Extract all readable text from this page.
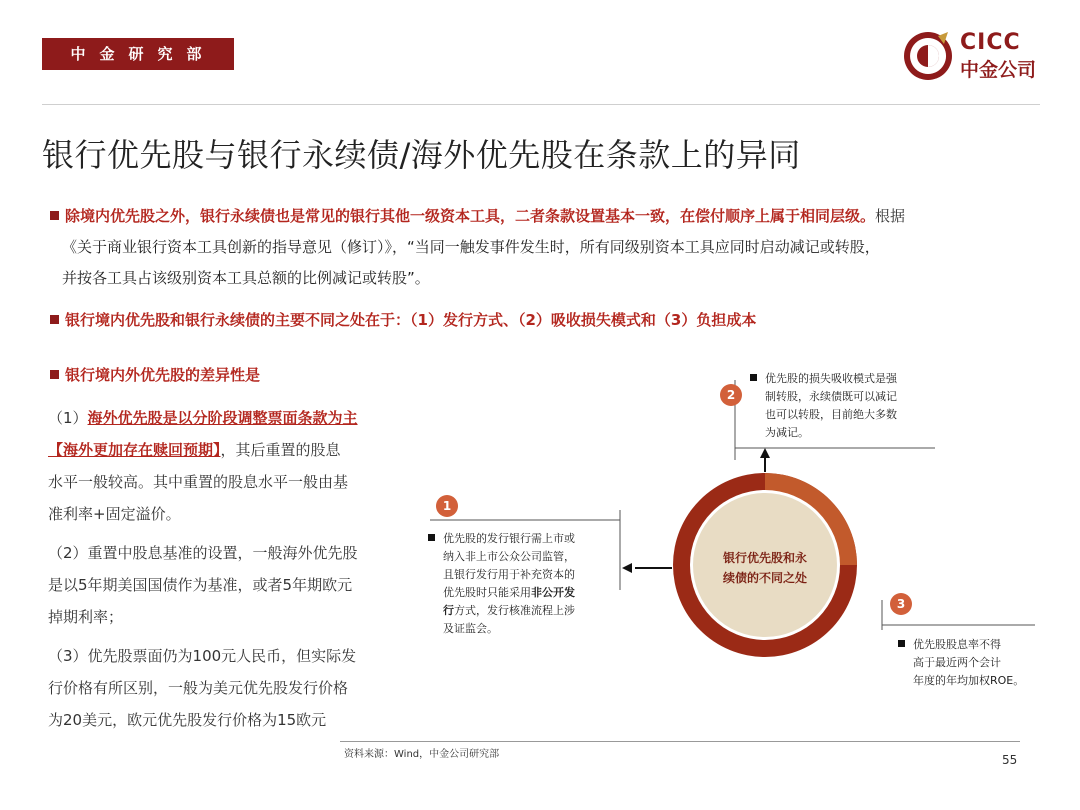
中金研究部	CICC
中金公司
银行优先股与银行永续债/海外优先股在条款上的异同
除境内优先股之外，银行永续债也是常见的银行其他一级资本工具，二者条款设置基本一致，在偿付顺序上属于相同层级。根据
《关于商业银行资本工具创新的指导意见（修订）》，“当同一触发事件发生时，所有同级别资本工具应同时启动减记或转股，
并按各工具占该级别资本工具总额的比例减记或转股”。
银行境内优先股和银行永续债的主要不同之处在于：（1）发行方式、（2）吸收损失模式和（3）负担成本
银行境内外优先股的差异性是
（1）海外优先股是以分阶段调整票面条款为主
【海外更加存在赎回预期】，其后重置的股息
水平一般较高。其中重置的股息水平一般由基
准利率+固定溢价。
（2）重置中股息基准的设置，一般海外优先股
是以5年期美国国债作为基准，或者5年期欧元
掉期利率；
（3）优先股票面仍为100元人民币，但实际发
行价格有所区别，一般为美元优先股发行价格
为20美元，欧元优先股发行价格为15欧元
1
2
3
银行优先股和永
续债的不同之处
优先股的发行银行需上市或
纳入非上市公众公司监管，
且银行发行用于补充资本的
优先股时只能采用非公开发
行方式，发行核准流程上涉
及证监会。
优先股的损失吸收模式是强
制转股，永续债既可以减记
也可以转股，目前绝大多数
为减记。
优先股股息率不得
高于最近两个会计
年度的年均加权ROE。
资料来源：Wind，中金公司研究部	55
